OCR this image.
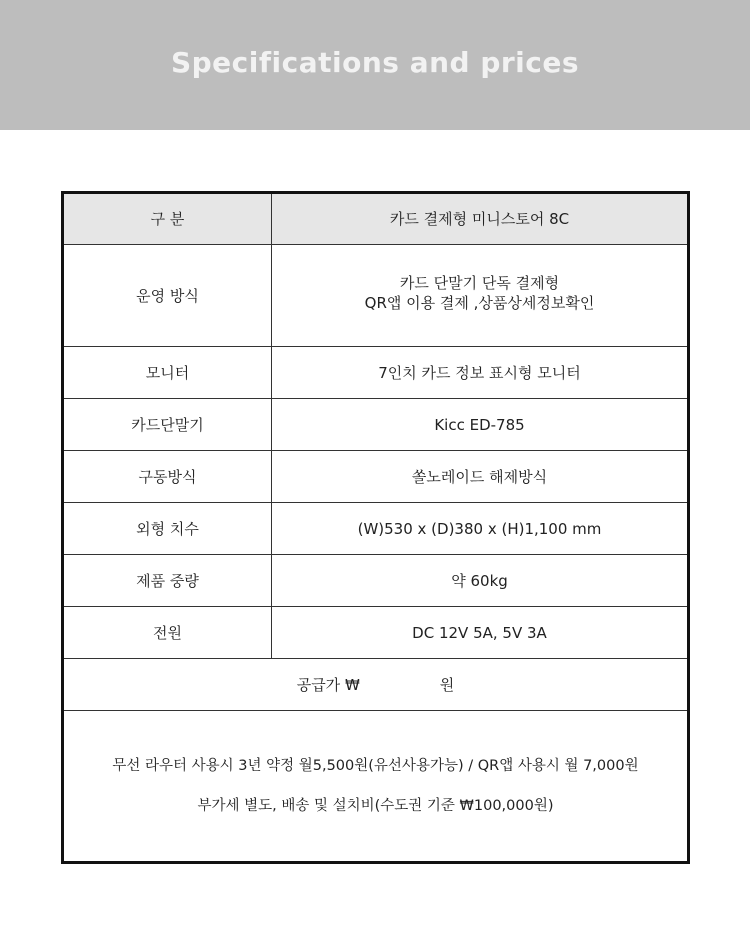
Specifications and prices
구 분	카드 결제형 미니스토어 8C
운영 방식	카드 단말기 단독 결제형
QR앱 이용 결제 ,상품상세정보확인

모니터	7인치 카드 정보 표시형 모니터
카드단말기	Kicc ED-785
구동방식	쏠노레이드 해제방식
외형 치수	(W)530 x (D)380 x (H)1,100 mm
제품 중량	약 60kg
전원	DC 12V 5A, 5V 3A
공급가 ₩ 원	

무선 라우터 사용시 3년 약정 월5,500원(유선사용가능) / QR앱 사용시 월 7,000원
부가세 별도, 배송 및 설치비(수도권 기준 ₩100,000원)	
